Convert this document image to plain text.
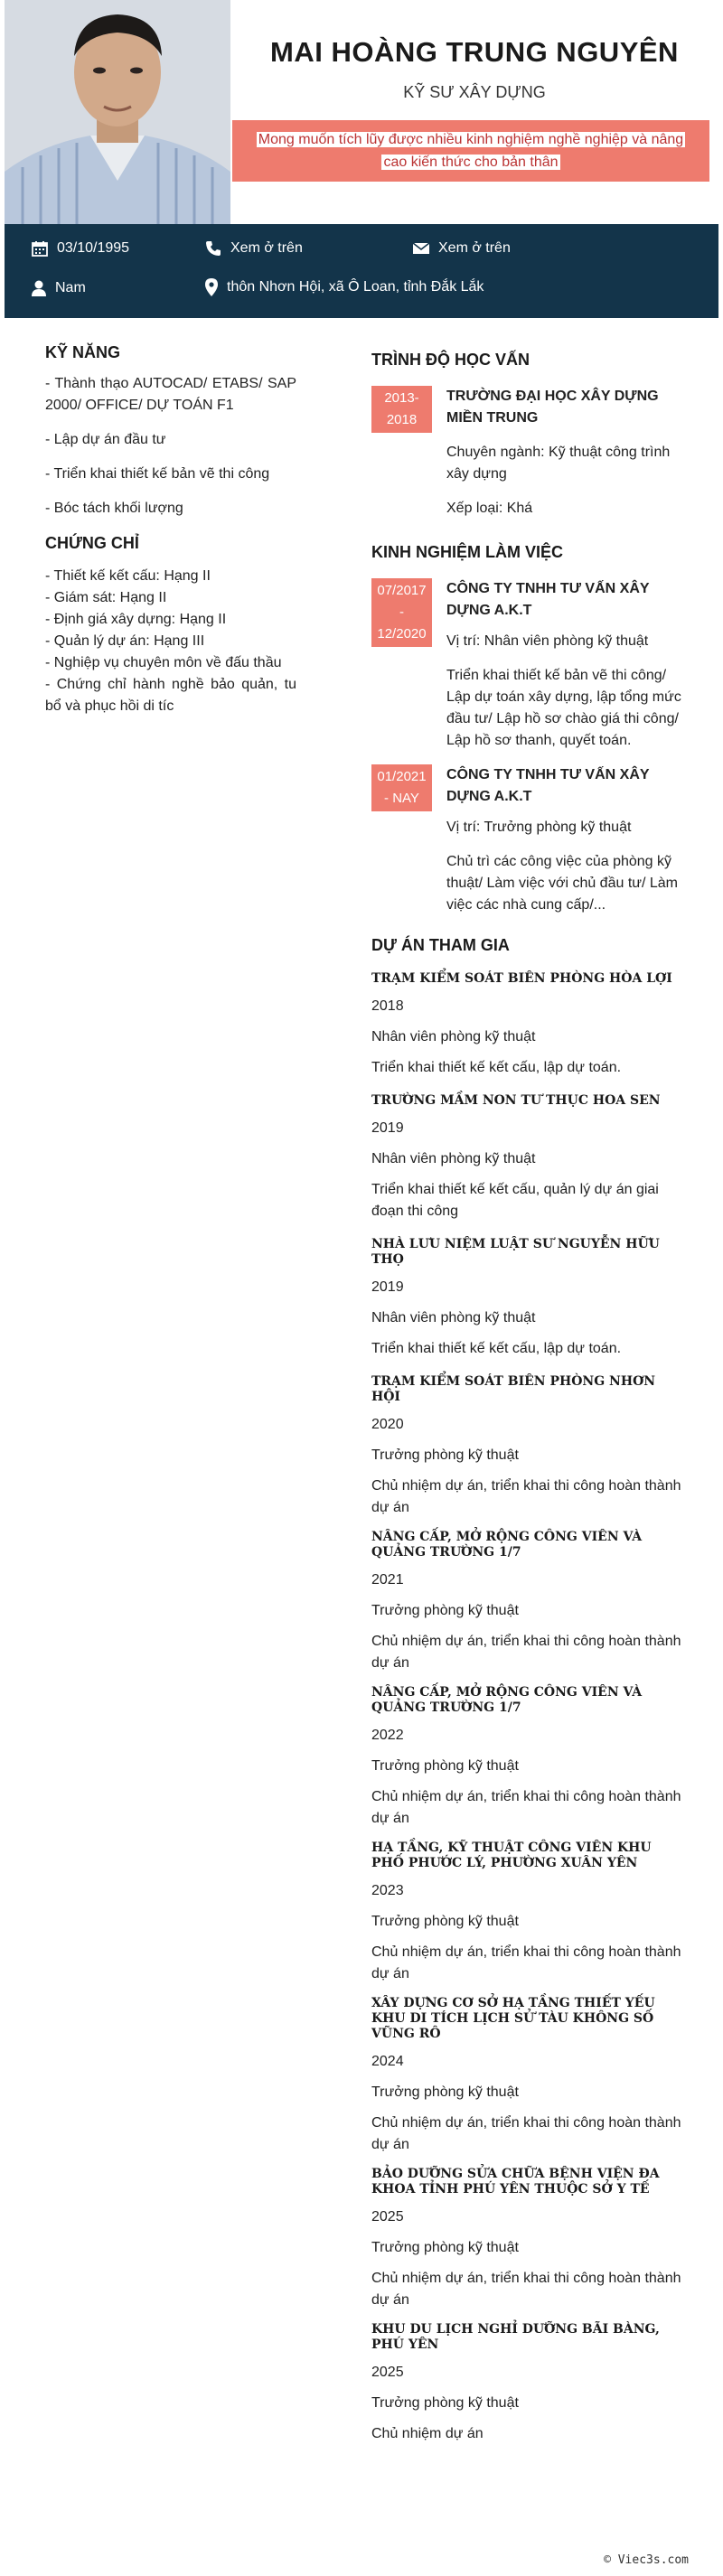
MAI HOÀNG TRUNG NGUYÊN
KỸ SƯ XÂY DỰNG
Mong muốn tích lũy được nhiều kinh nghiệm nghề nghiệp và nâng cao kiến thức cho bản thân
03/10/1995	Xem ở trên	Xem ở trên
Nam	thôn Nhơn Hội, xã Ô Loan, tỉnh Đắk Lắk
KỸ NĂNG
- Thành thạo AUTOCAD/ ETABS/ SAP 2000/ OFFICE/ DỰ TOÁN F1
- Lập dự án đầu tư
- Triển khai thiết kế bản vẽ thi công
- Bóc tách khối lượng
CHỨNG CHỈ
- Thiết kế kết cấu: Hạng II
- Giám sát: Hạng II
- Định giá xây dựng: Hạng II
- Quản lý dự án: Hạng III
- Nghiệp vụ chuyên môn về đấu thầu
- Chứng chỉ hành nghề bảo quản, tu bổ và phục hồi di tíc
TRÌNH ĐỘ HỌC VẤN
2013-2018
TRƯỜNG ĐẠI HỌC XÂY DỰNG MIỀN TRUNG
Chuyên ngành: Kỹ thuật công trình xây dựng
Xếp loại: Khá
KINH NGHIỆM LÀM VIỆC
07/2017 - 12/2020
CÔNG TY TNHH TƯ VẤN XÂY DỰNG A.K.T
Vị trí: Nhân viên phòng kỹ thuật
Triển khai thiết kế bản vẽ thi công/ Lập dự toán xây dựng, lập tổng mức đầu tư/ Lập hồ sơ chào giá thi công/ Lập hồ sơ thanh, quyết toán.
01/2021 - NAY
CÔNG TY TNHH TƯ VẤN XÂY DỰNG A.K.T
Vị trí: Trưởng phòng kỹ thuật
Chủ trì các công việc của phòng kỹ thuật/ Làm việc với chủ đầu tư/ Làm việc các nhà cung cấp/...
DỰ ÁN THAM GIA
TRẠM KIỂM SOÁT BIÊN PHÒNG HÒA LỢI
2018
Nhân viên phòng kỹ thuật
Triển khai thiết kế kết cấu, lập dự toán.
TRƯỜNG MẦM NON TƯ THỤC HOA SEN
2019
Nhân viên phòng kỹ thuật
Triển khai thiết kế kết cấu, quản lý dự án giai đoạn thi công
NHÀ LƯU NIỆM LUẬT SƯ NGUYỄN HỮU THỌ
2019
Nhân viên phòng kỹ thuật
Triển khai thiết kế kết cấu, lập dự toán.
TRẠM KIỂM SOÁT BIÊN PHÒNG NHƠN HỘI
2020
Trưởng phòng kỹ thuật
Chủ nhiệm dự án, triển khai thi công hoàn thành dự án
NÂNG CẤP, MỞ RỘNG CÔNG VIÊN VÀ QUẢNG TRƯỜNG 1/7
2021
Trưởng phòng kỹ thuật
Chủ nhiệm dự án, triển khai thi công hoàn thành dự án
NÂNG CẤP, MỞ RỘNG CÔNG VIÊN VÀ QUẢNG TRƯỜNG 1/7
2022
Trưởng phòng kỹ thuật
Chủ nhiệm dự án, triển khai thi công hoàn thành dự án
HẠ TẦNG, KỸ THUẬT CÔNG VIÊN KHU PHỐ PHƯỚC LÝ, PHƯỜNG XUÂN YÊN
2023
Trưởng phòng kỹ thuật
Chủ nhiệm dự án, triển khai thi công hoàn thành dự án
XÂY DỰNG CƠ SỞ HẠ TẦNG THIẾT YẾU KHU DI TÍCH LỊCH SỬ TÀU KHÔNG SỐ VŨNG RÔ
2024
Trưởng phòng kỹ thuật
Chủ nhiệm dự án, triển khai thi công hoàn thành dự án
BẢO DƯỠNG SỬA CHỮA BỆNH VIỆN ĐA KHOA TỈNH PHÚ YÊN THUỘC SỞ Y TẾ
2025
Trưởng phòng kỹ thuật
Chủ nhiệm dự án, triển khai thi công hoàn thành dự án
KHU DU LỊCH NGHỈ DƯỠNG BÃI BÀNG, PHÚ YÊN
2025
Trưởng phòng kỹ thuật
Chủ nhiệm dự án
© Viec3s.com
